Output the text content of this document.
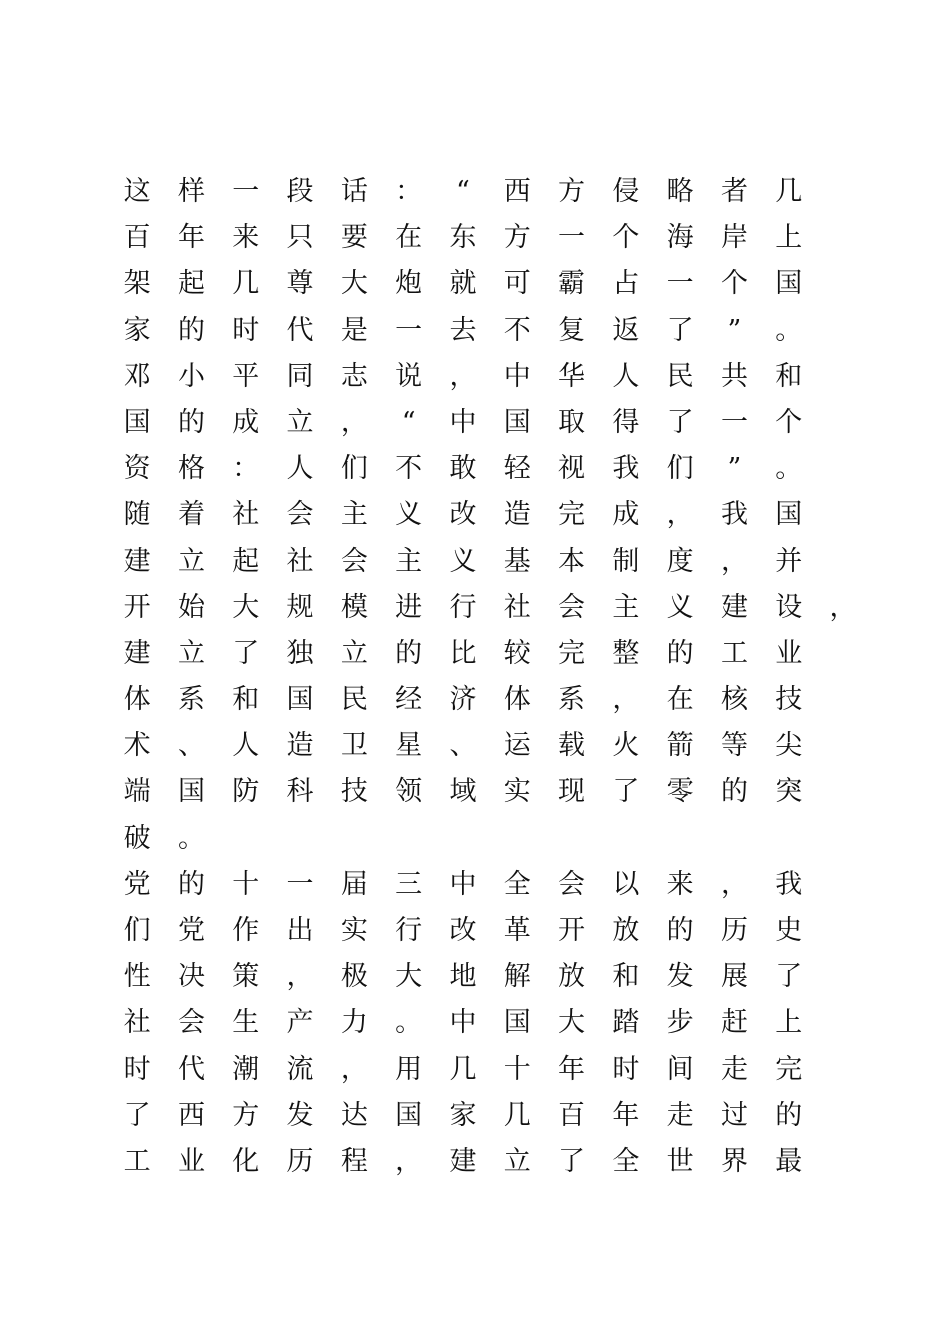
这	样	一	段	话	：	“	西	方	侵	略	者	几
百	年	来	只	要	在	东	方	一	个	海	岸	上
架	起	几	尊	大	炮	就	可	霸	占	一	个	国
家	的	时	代	是	一	去	不	复	返	了	”	。
邓	小	平	同	志	说	，	中	华	人	民	共	和
国	的	成	立	，	“	中	国	取	得	了	一	个
资	格	：	人	们	不	敢	轻	视	我	们	”	。
随	着	社	会	主	义	改	造	完	成	，	我	国
建	立	起	社	会	主	义	基	本	制	度	，	并
开	始	大	规	模	进	行	社	会	主	义	建	设	，
建	立	了	独	立	的	比	较	完	整	的	工	业
体	系	和	国	民	经	济	体	系	，	在	核	技
术	、	人	造	卫	星	、	运	载	火	箭	等	尖
端	国	防	科	技	领	域	实	现	了	零	的	突
破	。
党	的	十	一	届	三	中	全	会	以	来	，	我
们	党	作	出	实	行	改	革	开	放	的	历	史
性	决	策	，	极	大	地	解	放	和	发	展	了
社	会	生	产	力	。	中	国	大	踏	步	赶	上
时	代	潮	流	，	用	几	十	年	时	间	走	完
了	西	方	发	达	国	家	几	百	年	走	过	的
工	业	化	历	程	，	建	立	了	全	世	界	最
